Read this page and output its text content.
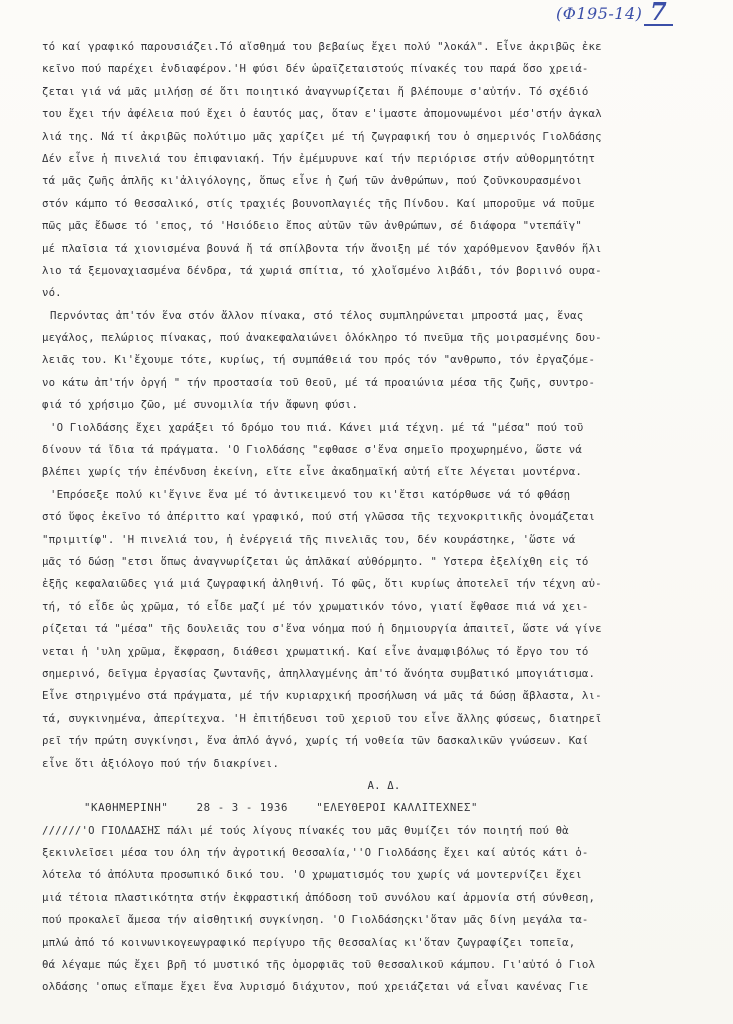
(Φ195-14) 7
τό καί γραφικό παρουσιάζει.Τό αἴσθημά του βεβαίως ἔχει πολύ "λοκάλ". Εἶνε ἀκριβῶς ἐκε
κεῖνο πού παρέχει ἐνδιαφέρον.'Η φύσι δέν ὡραϊζεταιστούς πίνακές του παρά ὅσο χρειά-
ζεται γιά νά μᾶς μιλήσῃ σέ ὅτι ποιητικό ἀναγνωρίζεται ἤ βλέπουμε σ'αὐτήν. Τό σχέδιό
του ἔχει τήν ἀφέλεια πού ἔχει ὁ ἑαυτός μας, ὅταν ε'ἱμαστε ἀπομονωμένοι μέσ'στήν ἀγκαλ
λιά της. Νά τί ἀκριβῶς πολύτιμο μᾶς χαρίζει μέ τή ζωγραφική του ὁ σημερινός Γιολδάσης
Δέν εἶνε ἡ πινελιά του ἐπιφανιακή. Τήν ἐμέμυρυνε καί τήν περιόρισε στήν αὐθορμητότητ
τά μᾶς ζωῆς ἁπλῆς κι'ἀλιγόλογης, ὅπως εἶνε ἡ ζωή τῶν ἀνθρώπων, πού ζοῦνκουρασμένοι
στόν κάμπο τό θεσσαλικό, στίς τραχιές βουνοπλαγιές τῆς Πίνδου. Καί μποροῦμε νά ποῦμε
πῶς μᾶς ἔδωσε τό 'επος, τό 'Ησιόδειο ἔπος αὐτῶν τῶν ἀνθρώπων, σέ διάφορα "ντεπάϊγ"
μέ πλαῖσια τά χιονισμένα βουνά ἤ τά σπίλβοντα τήν ἄνοιξη μέ τόν χαρόθμενον ξανθόν ἥλι
λιο τά ξεμοναχιασμένα δένδρα, τά χωριά σπίτια, τό χλοἴσμένο λιβάδι, τόν βοριινό ουρα-
νό.
Περνόντας ἀπ'τόν ἕνα στόν ἄλλον πίνακα, στό τέλος συμπληρώνεται μπροστά μας, ἕνας
μεγάλος, πελώριος πίνακας, πού ἀνακεφαλαιώνει ὁλόκληρο τό πνεῦμα τῆς μοιρασμένης δου-
λειᾶς του. Κι'ἔχουμε τότε, κυρίως, τή συμπάθειά του πρός τόν "ανθρωπο, τόν ἐργαζόμε-
νο κάτω ἀπ'τήν ὀργή " τήν προστασία τοῦ Θεοῦ, μέ τά προαιώνια μέσα τῆς ζωῆς, συντρο-
φιά τό χρήσιμο ζῶο, μέ συνομιλία τήν ἄφωνη φύσι.
'Ο Γιολδάσης ἔχει χαράξει τό δρόμο του πιά. Κάνει μιά τέχνη. μέ τά "μέσα" πού τοῦ
δίνουν τά ἴδια τά πράγματα. 'Ο Γιολδάσης "εφθασε σ'ἕνα σημεῖο προχωρημένο, ὥστε νά
βλέπει χωρίς τήν ἐπένδυση ἐκείνη, εἴτε εἶνε ἀκαδημαϊκή αὐτή εἴτε λέγεται μοντέρνα.
'Επρόσεξε πολύ κι'ἔγινε ἕνα μέ τό ἀντικειμενό του κι'ἔτσι κατόρθωσε νά τό φθάσῃ
στό ὕφος ἐκεῖνο τό ἀπέριττο καί γραφικό, πού στή γλῶσσα τῆς τεχνοκριτικῆς ὀνομάζεται
"πριμιτίφ". 'Η πινελιά του, ἡ ἐνέργειά τῆς πινελιᾶς του, δέν κουράστηκε, 'ὥστε νά
μᾶς τό δώσῃ "ετσι ὅπως ἀναγνωρίζεται ὡς ἁπλᾶκαί αὐθόρμητο. " Υστερα ἐξελίχθη εἰς τό
ἐξῆς κεφαλαιῶδες γιά μιά ζωγραφική ἀληθινή. Τό φῶς, ὅτι κυρίως ἀποτελεῖ τήν τέχνη αὐ-
τή, τό εἶδε ὡς χρῶμα, τό εἶδε μαζί μέ τόν χρωματικόν τόνο, γιατί ἔφθασε πιά νά χει-
ρίζεται τά "μέσα" τῆς δουλειᾶς του σ'ἕνα νόημα πού ἡ δημιουργία ἀπαιτεῖ, ὥστε νά γίνε
νεται ἡ 'υλη χρῶμα, ἔκφραση, διάθεσι χρωματική. Καί εἶνε ἀναμφιβόλως τό ἔργο του τό
σημερινό, δεῖγμα ἐργασίας ζωντανῆς, ἀπηλλαγμένης ἀπ'τό ἄνόητα συμβατικό μπογιάτισμα.
Εἶνε στηριγμένο στά πράγματα, μέ τήν κυριαρχική προσήλωση νά μᾶς τά δώσῃ ἄβλαστα, λι-
τά, συγκινημένα, ἀπερίτεχνα. 'Η ἐπιτήδευσι τοῦ χεριοῦ του εἶνε ἄλλης φύσεως, διατηρεῖ
ρεῖ τήν πρώτη συγκίνησι, ἕνα ἁπλό ἁγνό, χωρίς τή νοθεία τῶν δασκαλικῶν γνώσεων. Καί
εἶνε ὅτι ἀξιόλογο πού τήν διακρίνει.
Α. Δ.
"ΚΑΘΗΜΕΡΙΝΗ"	28 - 3 - 1936	"ΕΛΕΥΘΕΡΟΙ ΚΑΛΛΙΤΕΧΝΕΣ"
//////'Ο ΓΙΟΛΔΑΣΗΣ πάλι μέ τούς λίγους πίνακές του μᾶς θυμίζει τόν ποιητή πού θὰ
ξεκινλεῖσει μέσα του όλη τήν ἀγροτική Θεσσαλία,''Ο Γιολδάσης ἔχει καί αὐτός κάτι ὁ-
λότελα τό ἀπόλυτα προσωπικό δικό του. 'Ο χρωματισμός του χωρίς νά μοντερνίζει ἔχει
μιά τέτοια πλαστικότητα στήν ἐκφραστική ἀπόδοση τοῦ συνόλου καί ἁρμονία στή σύνθεση,
πού προκαλεῖ ἄμεσα τήν αἰσθητική συγκίνηση. 'Ο Γιολδάσηςκι'ὅταν μᾶς δίνη μεγάλα τα-
μπλώ ἀπό τό κοινωνικογεωγραφικό περίγυρο τῆς Θεσσαλίας κι'ὅταν ζωγραφίζει τοπεῖα,
θά λέγαμε πώς ἔχει βρῆ τό μυστικό τῆς ὀμορφιᾶς τοῦ θεσσαλικοῦ κάμπου. Γι'αὐτό ὁ Γιολ
ολδάσης 'οπως εἴπαμε ἔχει ἕνα λυρισμό διάχυτον, πού χρειάζεται νά εἶναι κανένας Γιε
